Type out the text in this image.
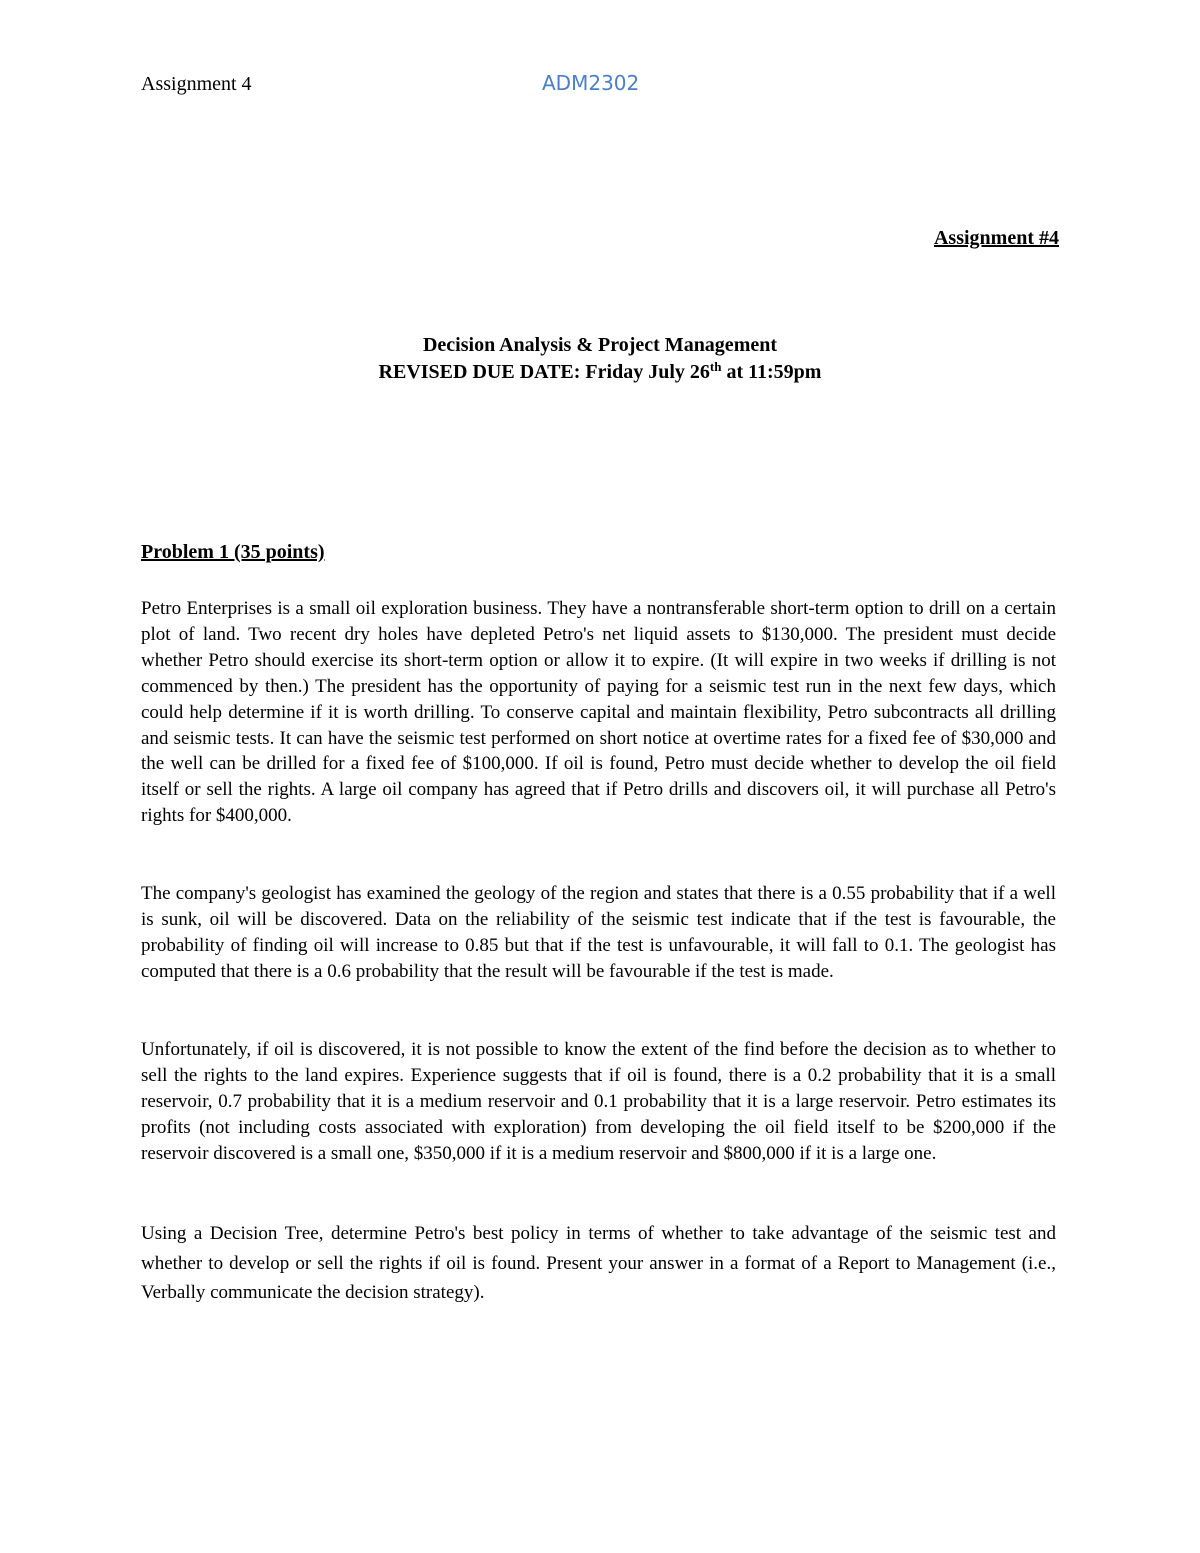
Assignment 4	ADM2302
Assignment #4
Decision Analysis & Project Management
REVISED DUE DATE: Friday July 26th at 11:59pm
Problem 1 (35 points)

Petro Enterprises is a small oil exploration business. They have a nontransferable short-term option to drill on a certain plot of land. Two recent dry holes have depleted Petro's net liquid assets to $130,000. The president must decide whether Petro should exercise its short-term option or allow it to expire. (It will expire in two weeks if drilling is not commenced by then.) The president has the opportunity of paying for a seismic test run in the next few days, which could help determine if it is worth drilling. To conserve capital and maintain flexibility, Petro subcontracts all drilling and seismic tests. It can have the seismic test performed on short notice at overtime rates for a fixed fee of $30,000 and the well can be drilled for a fixed fee of $100,000. If oil is found, Petro must decide whether to develop the oil field itself or sell the rights. A large oil company has agreed that if Petro drills and discovers oil, it will purchase all Petro's rights for $400,000.

The company's geologist has examined the geology of the region and states that there is a 0.55 probability that if a well is sunk, oil will be discovered. Data on the reliability of the seismic test indicate that if the test is favourable, the probability of finding oil will increase to 0.85 but that if the test is unfavourable, it will fall to 0.1. The geologist has computed that there is a 0.6 probability that the result will be favourable if the test is made.

Unfortunately, if oil is discovered, it is not possible to know the extent of the find before the decision as to whether to sell the rights to the land expires. Experience suggests that if oil is found, there is a 0.2 probability that it is a small reservoir, 0.7 probability that it is a medium reservoir and 0.1 probability that it is a large reservoir. Petro estimates its profits (not including costs associated with exploration) from developing the oil field itself to be $200,000 if the reservoir discovered is a small one, $350,000 if it is a medium reservoir and $800,000 if it is a large one.

Using a Decision Tree, determine Petro's best policy in terms of whether to take advantage of the seismic test and whether to develop or sell the rights if oil is found. Present your answer in a format of a Report to Management (i.e., Verbally communicate the decision strategy).
